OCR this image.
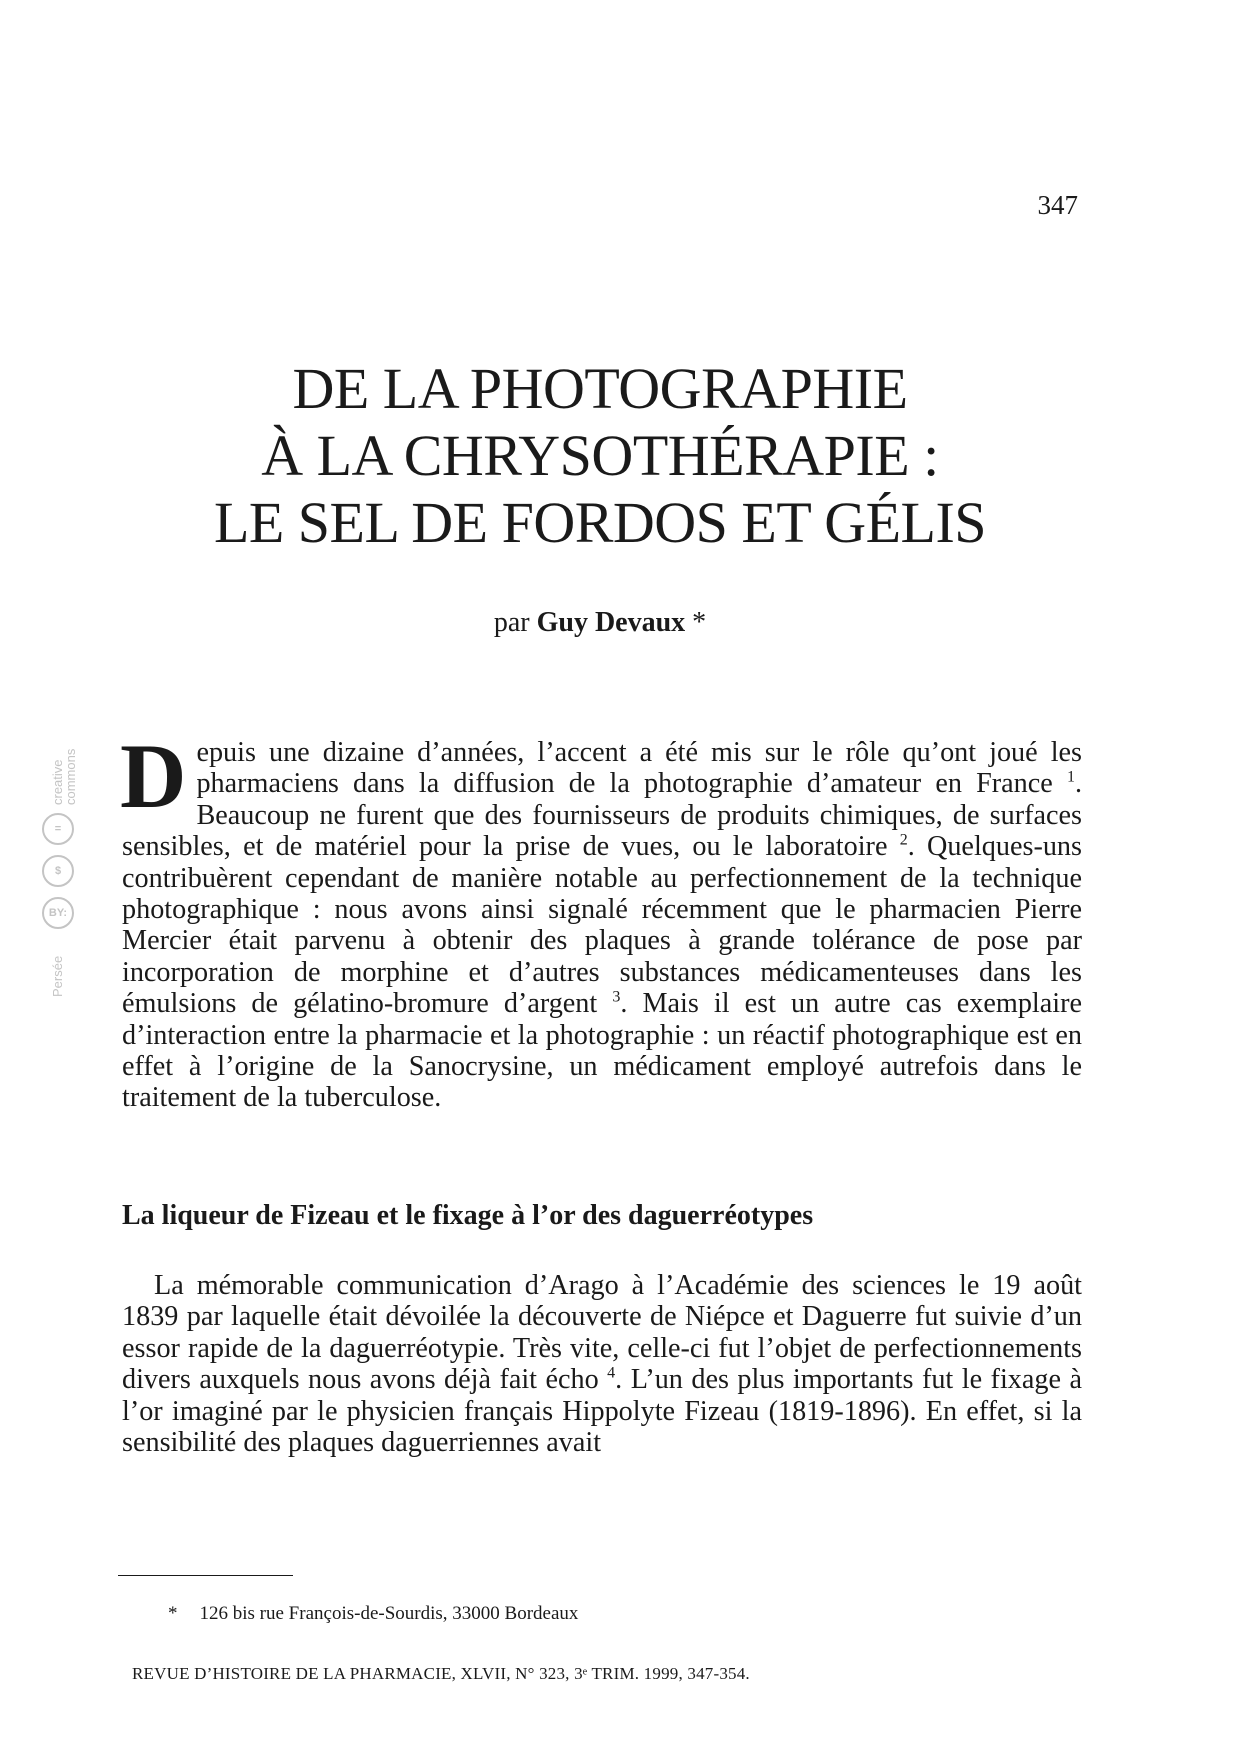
347
DE LA PHOTOGRAPHIE
À LA CHRYSOTHÉRAPIE :
LE SEL DE FORDOS ET GÉLIS
par Guy Devaux *
Depuis une dizaine d’années, l’accent a été mis sur le rôle qu’ont joué les pharmaciens dans la diffusion de la photographie d’amateur en France $^1$. Beaucoup ne furent que des fournisseurs de produits chimiques, de surfaces sensibles, et de matériel pour la prise de vues, ou le laboratoire $^2$. Quelques-uns contribuèrent cependant de manière notable au perfectionnement de la technique photographique : nous avons ainsi signalé récemment que le pharmacien Pierre Mercier était parvenu à obtenir des plaques à grande tolérance de pose par incorporation de morphine et d’autres substances médicamenteuses dans les émulsions de gélatino-bromure d’argent $^3$. Mais il est un autre cas exemplaire d’interaction entre la pharmacie et la photographie : un réactif photographique est en effet à l’origine de la Sanocrysine, un médicament employé autrefois dans le traitement de la tuberculose.
La liqueur de Fizeau et le fixage à l’or des daguerréotypes
La mémorable communication d’Arago à l’Académie des sciences le 19 août 1839 par laquelle était dévoilée la découverte de Niépce et Daguerre fut suivie d’un essor rapide de la daguerréotypie. Très vite, celle-ci fut l’objet de perfectionnements divers auxquels nous avons déjà fait écho $^4$. L’un des plus importants fut le fixage à l’or imaginé par le physicien français Hippolyte Fizeau (1819-1896). En effet, si la sensibilité des plaques daguerriennes avait
* 126 bis rue François-de-Sourdis, 33000 Bordeaux
REVUE D’HISTOIRE DE LA PHARMACIE, XLVII, N° 323, 3ᵉ TRIM. 1999, 347-354.
creative
commons
=
$
BY:
Persée
